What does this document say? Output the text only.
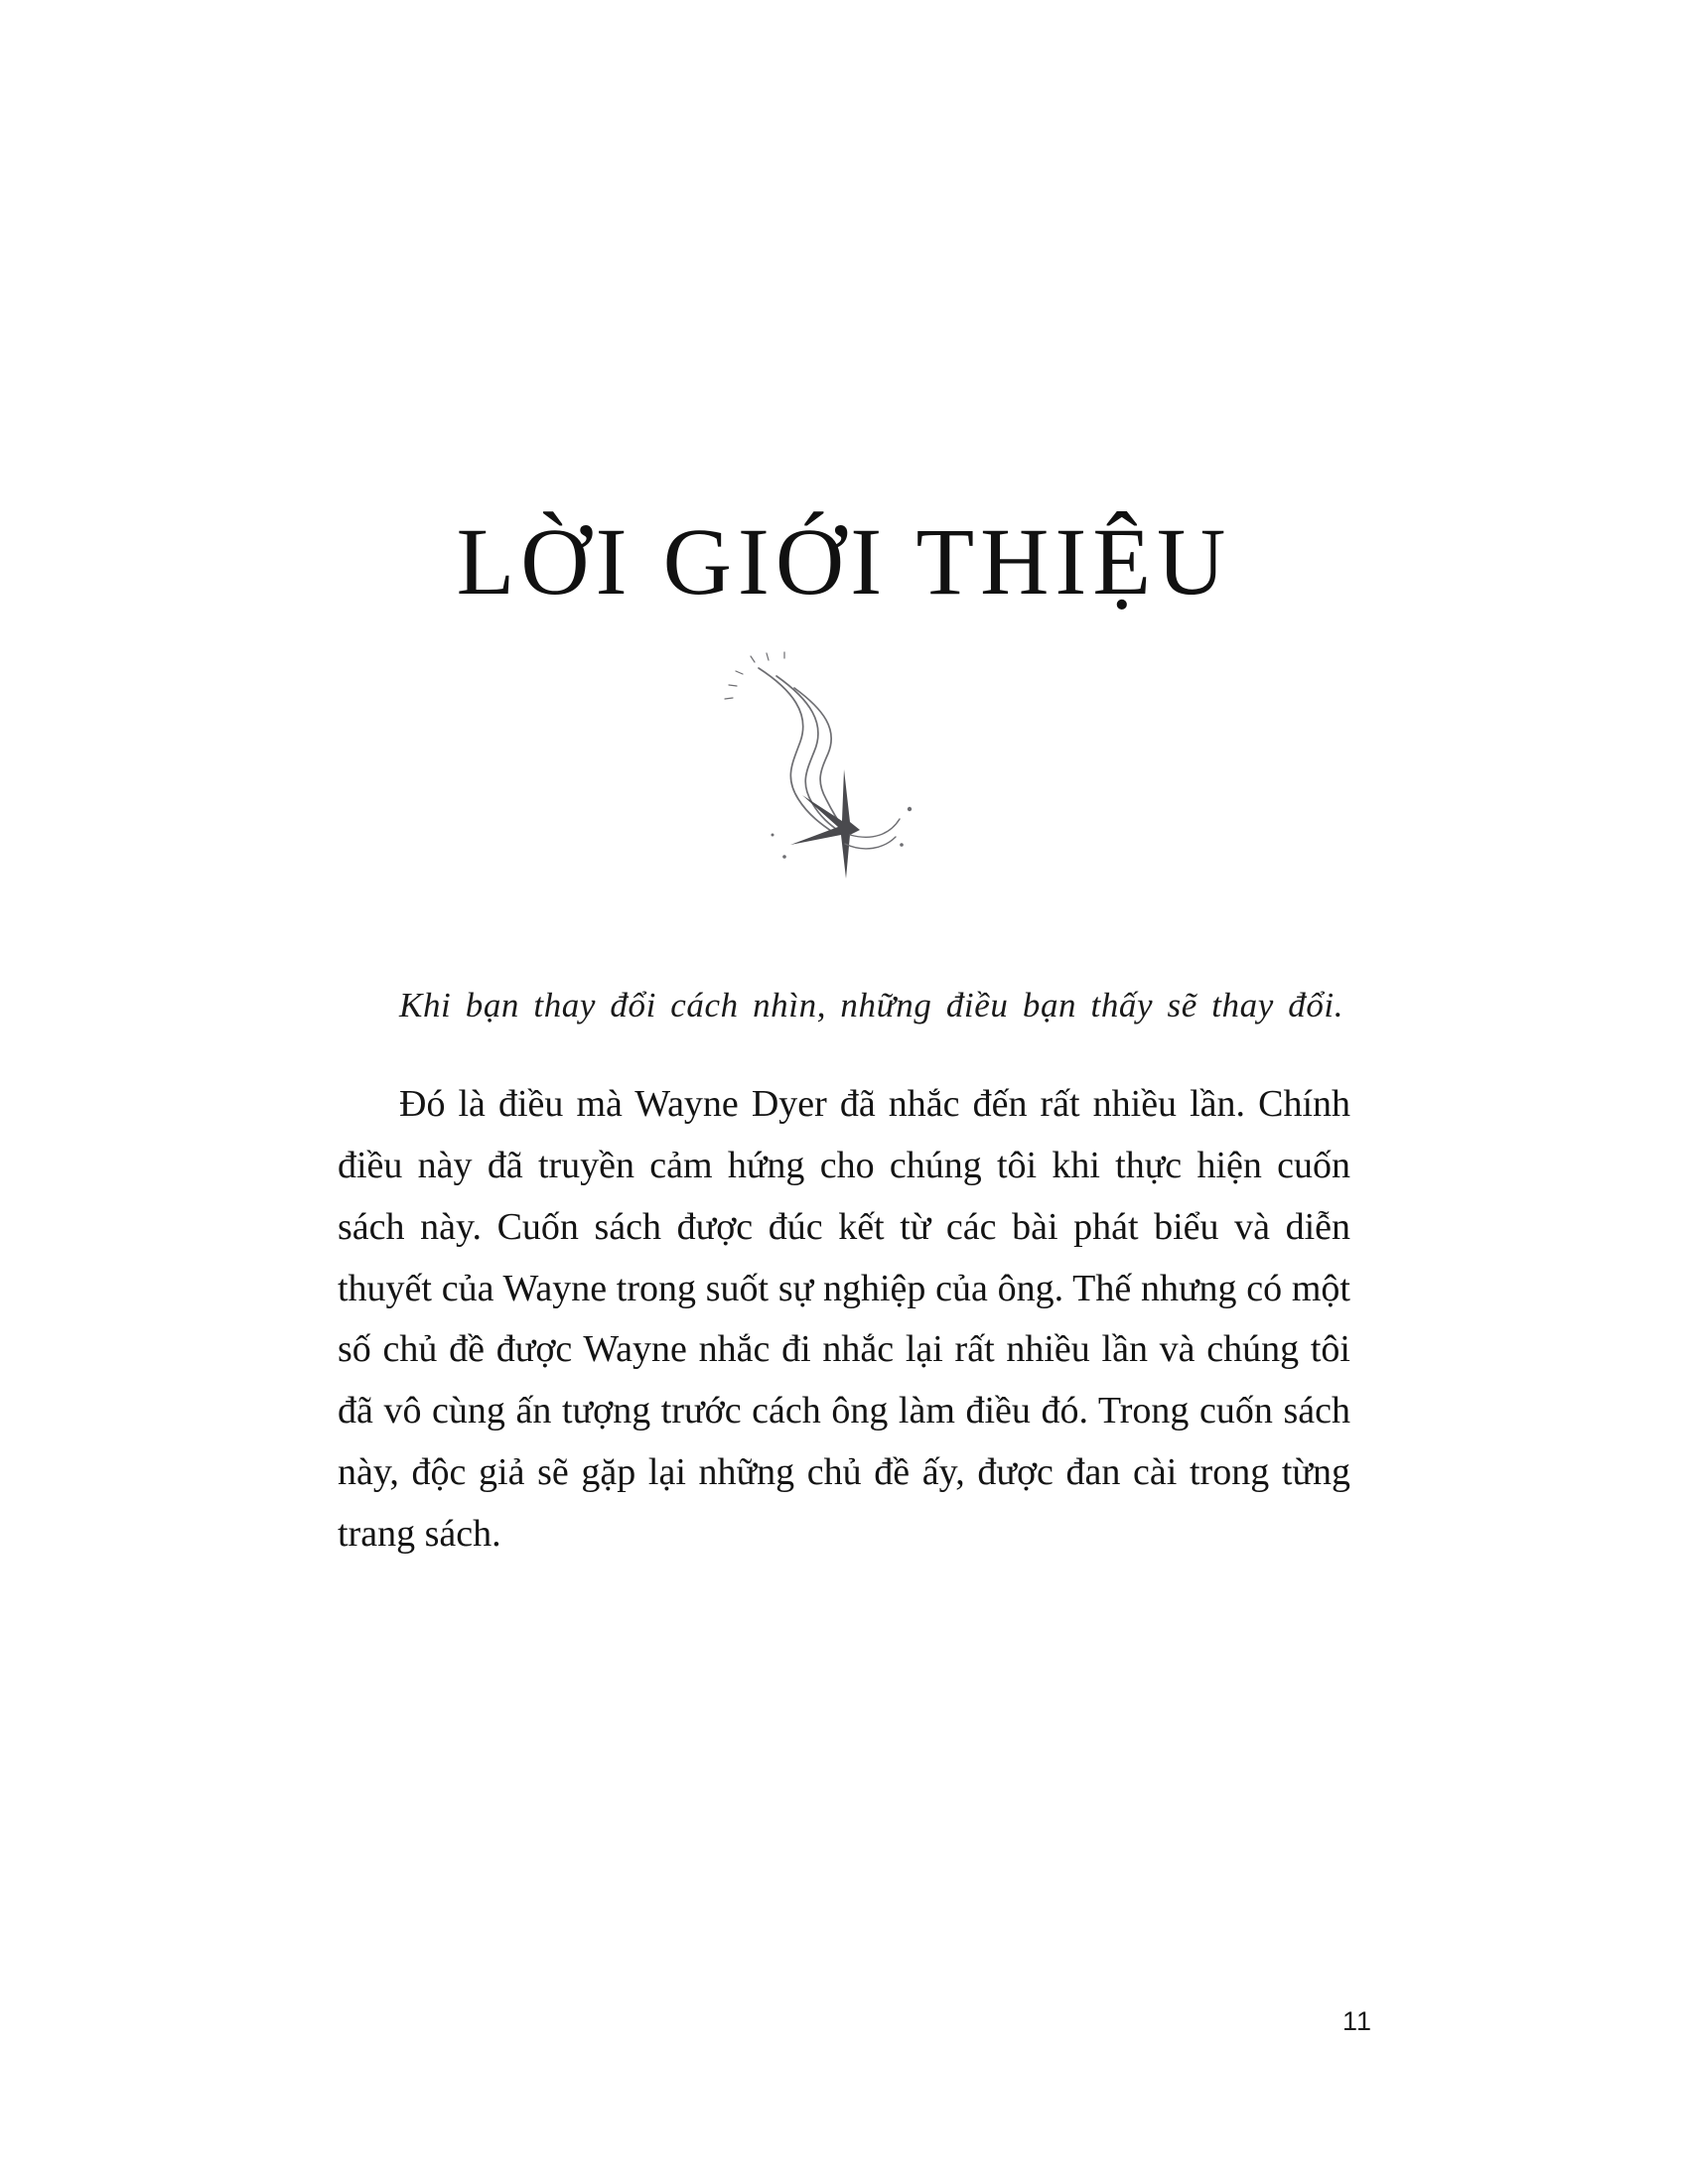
LỜI GIỚI THIỆU

Khi bạn thay đổi cách nhìn, những điều bạn thấy sẽ thay đổi.

Đó là điều mà Wayne Dyer đã nhắc đến rất nhiều lần. Chính điều này đã truyền cảm hứng cho chúng tôi khi thực hiện cuốn sách này. Cuốn sách được đúc kết từ các bài phát biểu và diễn thuyết của Wayne trong suốt sự nghiệp của ông. Thế nhưng có một số chủ đề được Wayne nhắc đi nhắc lại rất nhiều lần và chúng tôi đã vô cùng ấn tượng trước cách ông làm điều đó. Trong cuốn sách này, độc giả sẽ gặp lại những chủ đề ấy, được đan cài trong từng trang sách.

11
